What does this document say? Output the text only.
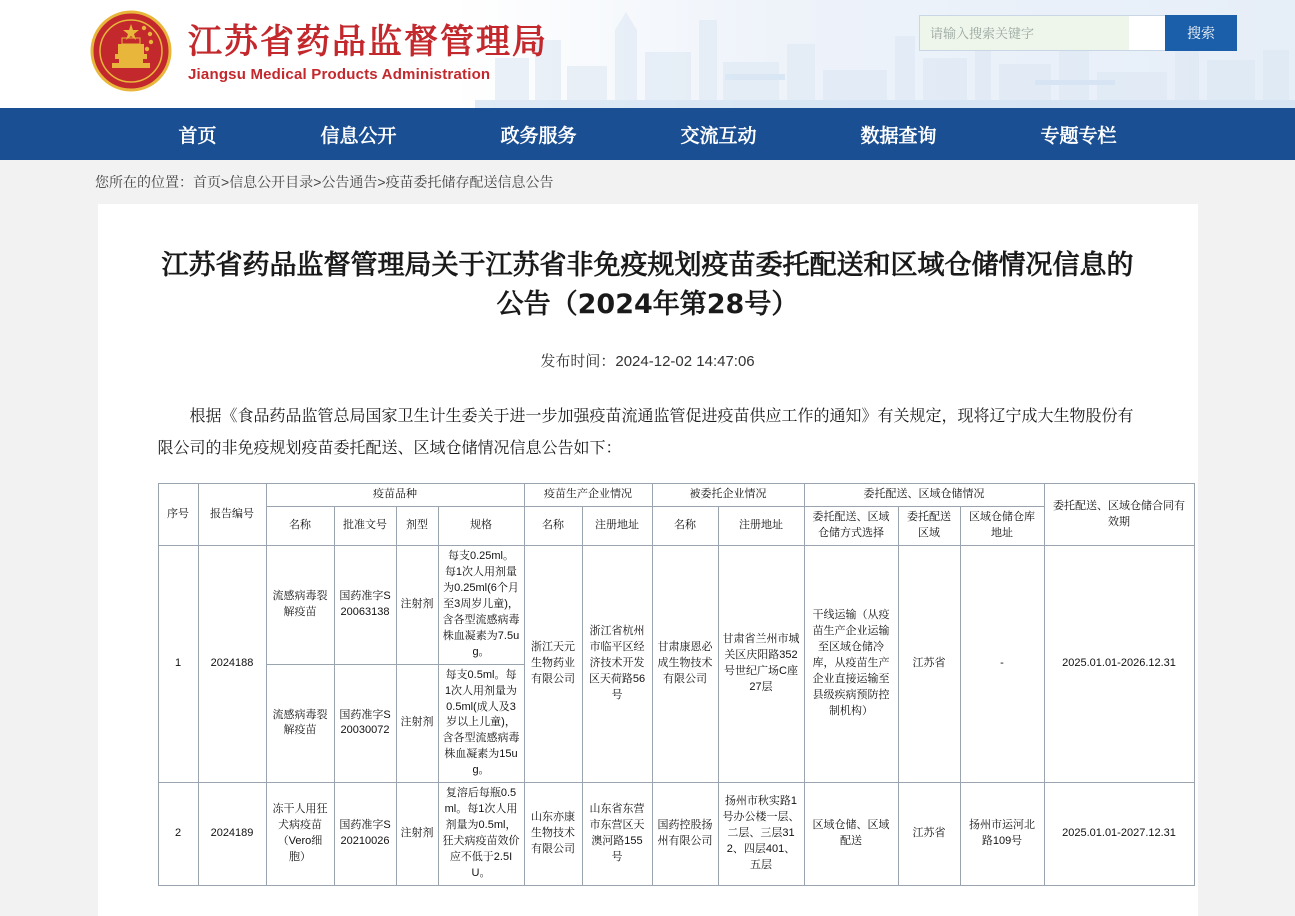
江苏省药品监督管理局
Jiangsu Medical Products Administration
请输入搜索关键字
搜索
首页	信息公开	政务服务	交流互动	数据查询	专题专栏
您所在的位置：首页>信息公开目录>公告通告>疫苗委托储存配送信息公告
江苏省药品监督管理局关于江苏省非免疫规划疫苗委托配送和区域仓储情况信息的公告（2024年第28号）
发布时间：2024-12-02 14:47:06

根据《食品药品监管总局国家卫生计生委关于进一步加强疫苗流通监管促进疫苗供应工作的通知》有关规定，现将辽宁成大生物股份有限公司的非免疫规划疫苗委托配送、区域仓储情况信息公告如下：

序号	报告编号	疫苗品种				疫苗生产企业情况		被委托企业情况		委托配送、区域仓储情况			委托配送、区域仓储合同有效期
		名称	批准文号	剂型	规格	名称	注册地址	名称	注册地址	委托配送、区域仓储方式选择	委托配送区域	区域仓储仓库地址	
1	2024188	流感病毒裂解疫苗	国药准字S20063138	注射剂	每支0.25ml。每1次人用剂量为0.25ml(6个月至3周岁儿童)，含各型流感病毒株血凝素为7.5ug。	浙江天元生物药业有限公司	浙江省杭州市临平区经济技术开发区天荷路56号	甘肃康恩必成生物技术有限公司	甘肃省兰州市城关区庆阳路352号世纪广场C座27层	干线运输（从疫苗生产企业运输至区域仓储冷库，从疫苗生产企业直接运输至县级疾病预防控制机构）	江苏省	-	2025.01.01-2026.12.31
		流感病毒裂解疫苗	国药准字S20030072	注射剂	每支0.5ml。每1次人用剂量为0.5ml(成人及3岁以上儿童)，含各型流感病毒株血凝素为15ug。								
2	2024189	冻干人用狂犬病疫苗（Vero细胞）	国药准字S20210026	注射剂	复溶后每瓶0.5ml。每1次人用剂量为0.5ml，狂犬病疫苗效价应不低于2.5IU。	山东亦康生物技术有限公司	山东省东营市东营区天澳河路155号	国药控股扬州有限公司	扬州市秋实路1号办公楼一层、二层、三层312、四层401、五层	区域仓储、区域配送	江苏省	扬州市运河北路109号	2025.01.01-2027.12.31
